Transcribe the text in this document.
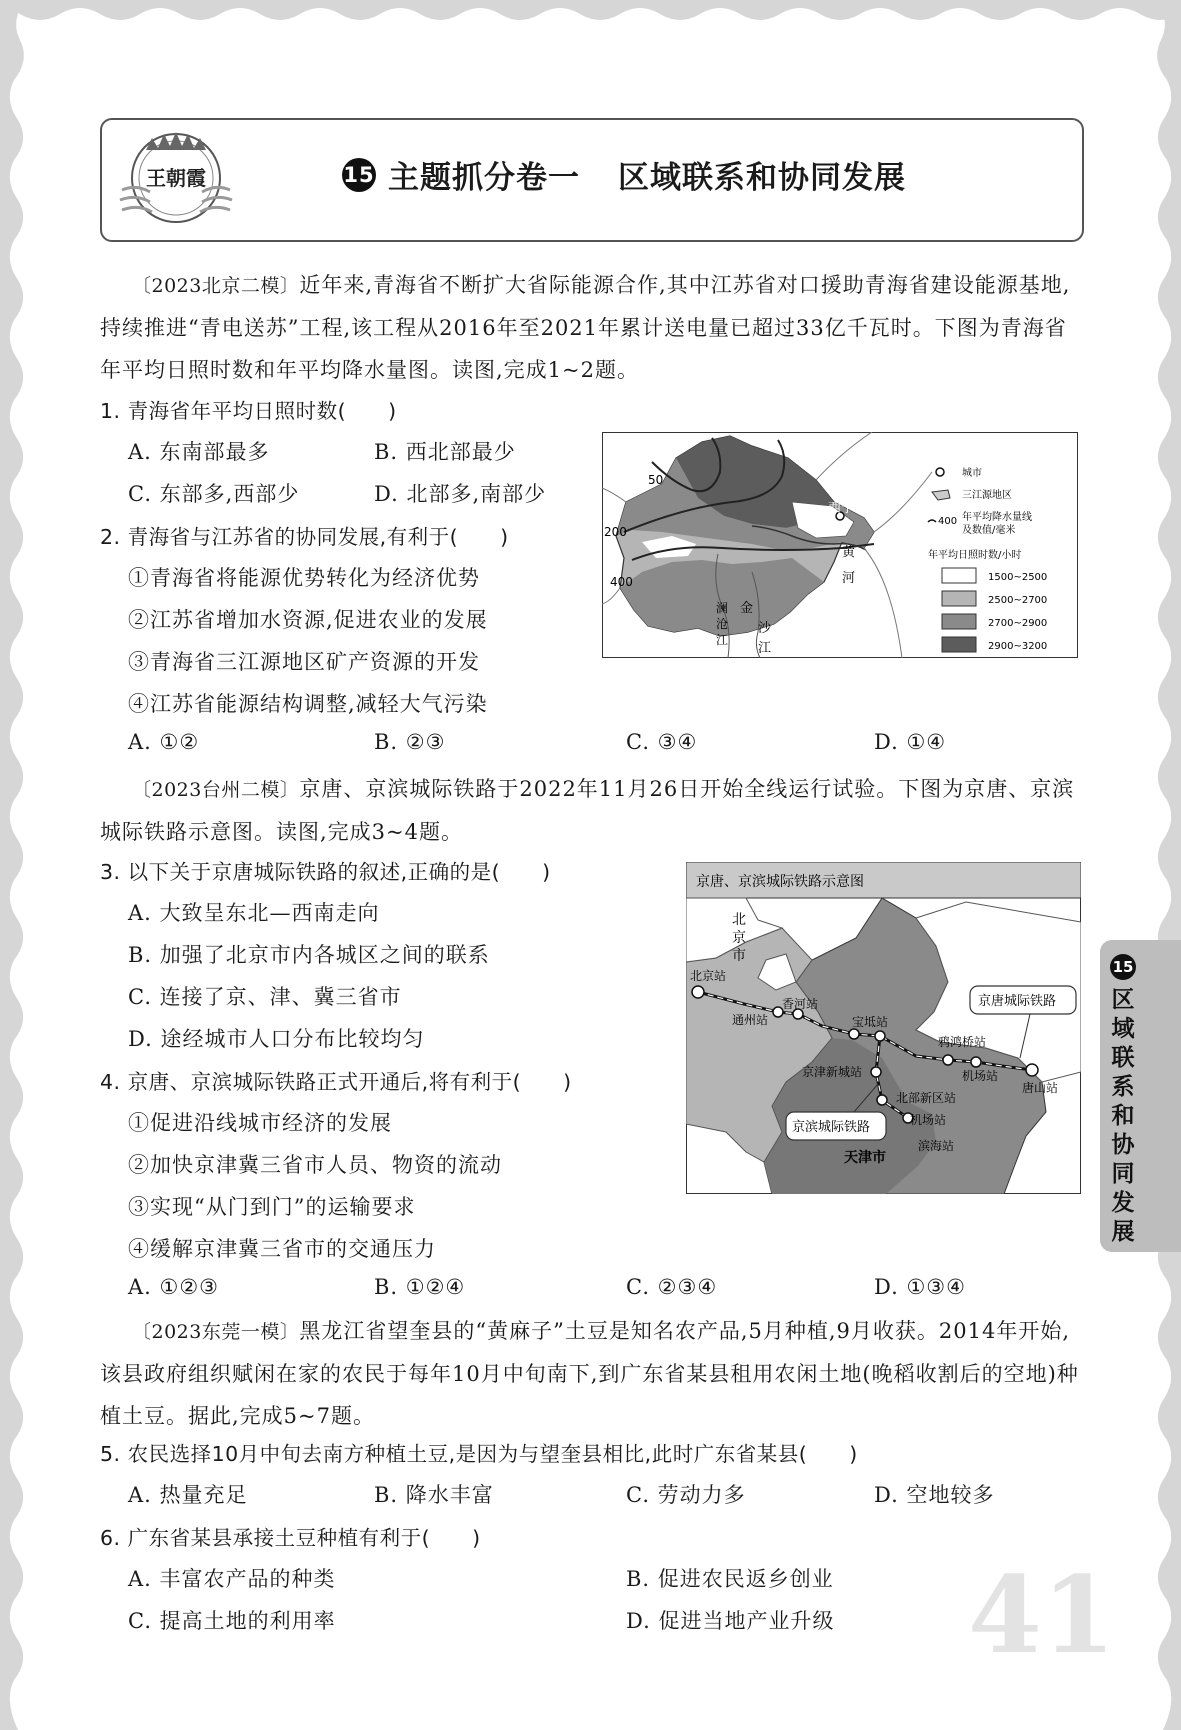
王朝霞	15 主题抓分卷一 区域联系和协同发展
〔2023北京二模〕近年来,青海省不断扩大省际能源合作,其中江苏省对口援助青海省建设能源基地,持续推进“青电送苏”工程,该工程从2016年至2021年累计送电量已超过33亿千瓦时。下图为青海省年平均日照时数和年平均降水量图。读图,完成1~2题。
1. 青海省年平均日照时数(　　)
A. 东南部最多	B. 西北部最少
C. 东部多,西部少	D. 北部多,南部少
2. 青海省与江苏省的协同发展,有利于(　　)
①青海省将能源优势转化为经济优势
②江苏省增加水资源,促进农业的发展
③青海省三江源地区矿产资源的开发
④江苏省能源结构调整,减轻大气污染
A. ①②	B. ②③	C. ③④	D. ①④
50
200
400
西宁
黄
河
澜
沧
江
金
沙
江
城市
三江源地区
400 年平均降水量线
及数值/毫米
年平均日照时数/小时
1500~2500
2500~2700
2700~2900
2900~3200
〔2023台州二模〕京唐、京滨城际铁路于2022年11月26日开始全线运行试验。下图为京唐、京滨城际铁路示意图。读图,完成3~4题。
3. 以下关于京唐城际铁路的叙述,正确的是(　　)
A. 大致呈东北—西南走向
B. 加强了北京市内各城区之间的联系
C. 连接了京、津、冀三省市
D. 途经城市人口分布比较均匀
4. 京唐、京滨城际铁路正式开通后,将有利于(　　)
①促进沿线城市经济的发展
②加快京津冀三省市人员、物资的流动
③实现“从门到门”的运输要求
④缓解京津冀三省市的交通压力
A. ①②③	B. ①②④	C. ②③④	D. ①③④
京唐、京滨城际铁路示意图
北
京
市
天津市
北京站
通州站
香河站
宝坻站
京津新城站
鸦鸿桥站
机场站
唐山站
北部新区站
机场站
滨海站
京唐城际铁路
京滨城际铁路
15
区域联系和协同发展
〔2023东莞一模〕黑龙江省望奎县的“黄麻子”土豆是知名农产品,5月种植,9月收获。2014年开始,该县政府组织赋闲在家的农民于每年10月中旬南下,到广东省某县租用农闲土地(晚稻收割后的空地)种植土豆。据此,完成5~7题。
5. 农民选择10月中旬去南方种植土豆,是因为与望奎县相比,此时广东省某县(　　)
A. 热量充足	B. 降水丰富	C. 劳动力多	D. 空地较多
6. 广东省某县承接土豆种植有利于(　　)
A. 丰富农产品的种类	B. 促进农民返乡创业
C. 提高土地的利用率	D. 促进当地产业升级 41
